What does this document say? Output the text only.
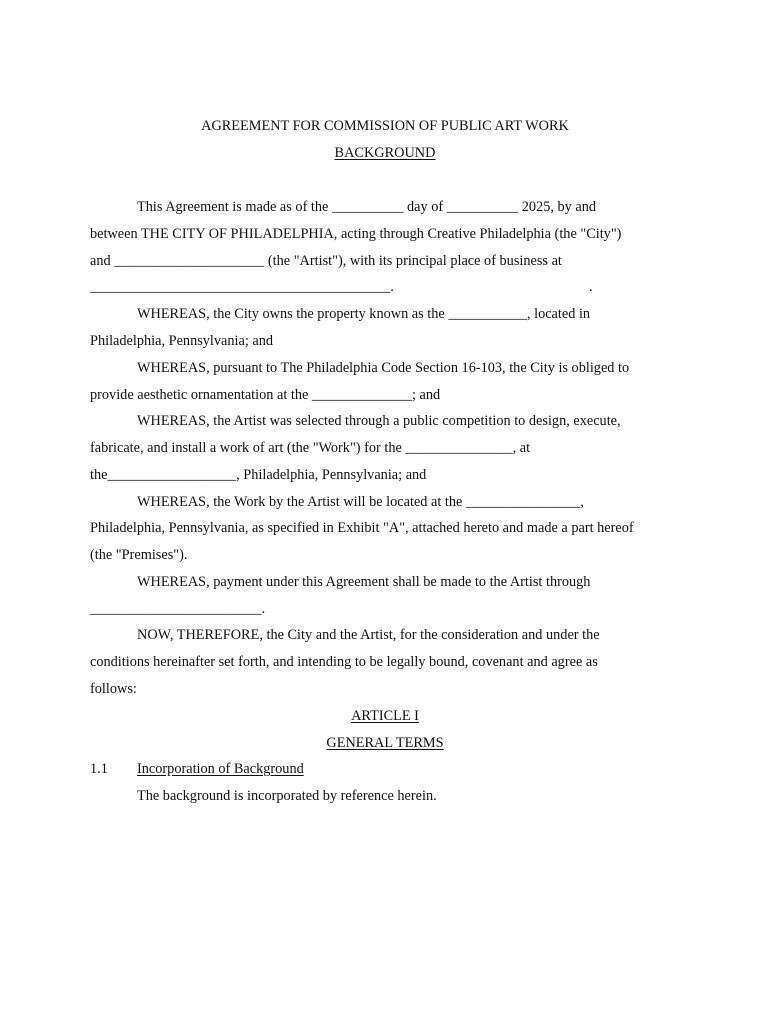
AGREEMENT FOR COMMISSION OF PUBLIC ART WORK
BACKGROUND
This Agreement is made as of the __________ day of __________ 2025, by and
between THE CITY OF PHILADELPHIA, acting through Creative Philadelphia (the "City")
and _____________________ (the "Artist"), with its principal place of business at
__________________________________________.	.
WHEREAS, the City owns the property known as the ___________, located in
Philadelphia, Pennsylvania; and
WHEREAS, pursuant to The Philadelphia Code Section 16-103, the City is obliged to
provide aesthetic ornamentation at the ______________; and
WHEREAS, the Artist was selected through a public competition to design, execute,
fabricate, and install a work of art (the "Work") for the _______________, at
the__________________, Philadelphia, Pennsylvania; and
WHEREAS, the Work by the Artist will be located at the ________________,
Philadelphia, Pennsylvania, as specified in Exhibit "A", attached hereto and made a part hereof
(the "Premises").
WHEREAS, payment under this Agreement shall be made to the Artist through
________________________.
NOW, THEREFORE, the City and the Artist, for the consideration and under the
conditions hereinafter set forth, and intending to be legally bound, covenant and agree as
follows:
ARTICLE I
GENERAL TERMS
1.1 Incorporation of Background
The background is incorporated by reference herein.
